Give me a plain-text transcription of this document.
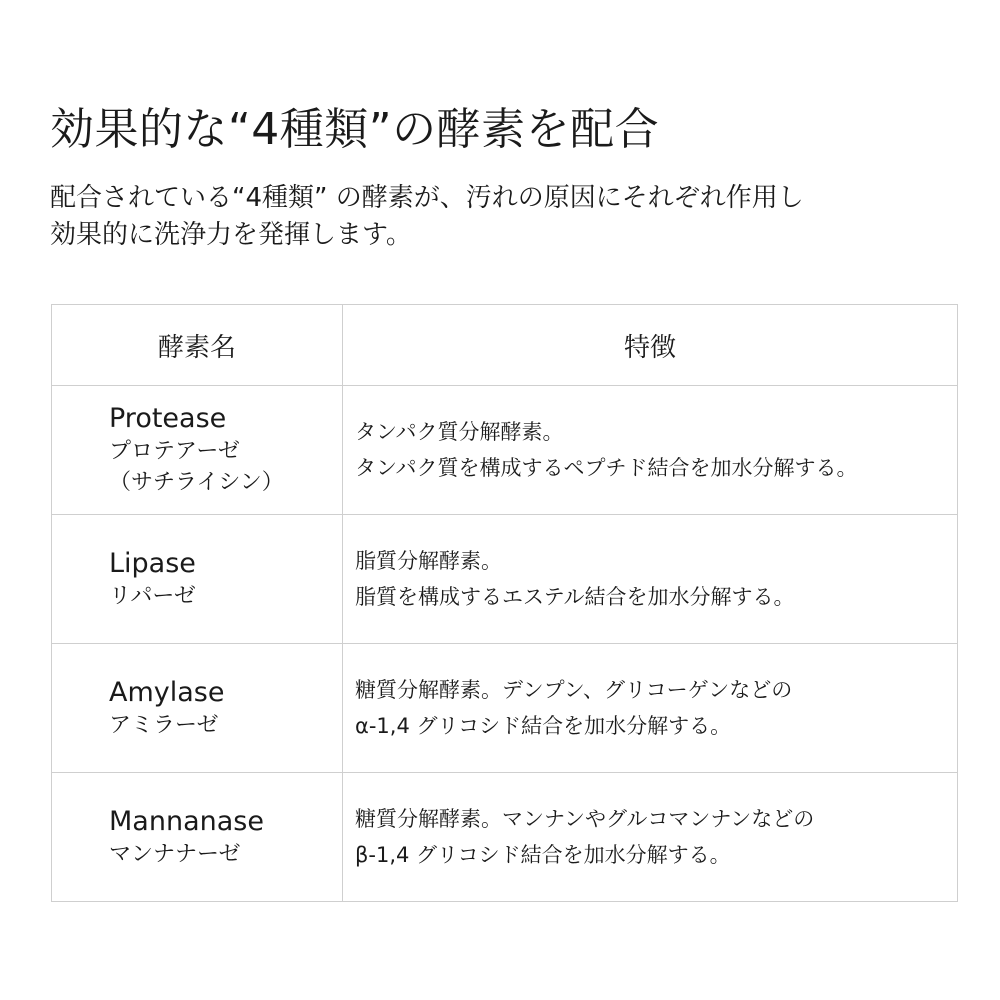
効果的な“4種類”の酵素を配合

配合されている“4種類” の酵素が、汚れの原因にそれぞれ作用し
効果的に洗浄力を発揮します。

酵素名	特徴

Protease
プロテアーゼ
（サチライシン）	タンパク質分解酵素。
タンパク質を構成するペプチド結合を加水分解する。

Lipase
リパーゼ	脂質分解酵素。
脂質を構成するエステル結合を加水分解する。

Amylase
アミラーゼ	糖質分解酵素。デンプン、グリコーゲンなどの
α-1,4 グリコシド結合を加水分解する。

Mannanase
マンナナーゼ	糖質分解酵素。マンナンやグルコマンナンなどの
β-1,4 グリコシド結合を加水分解する。
